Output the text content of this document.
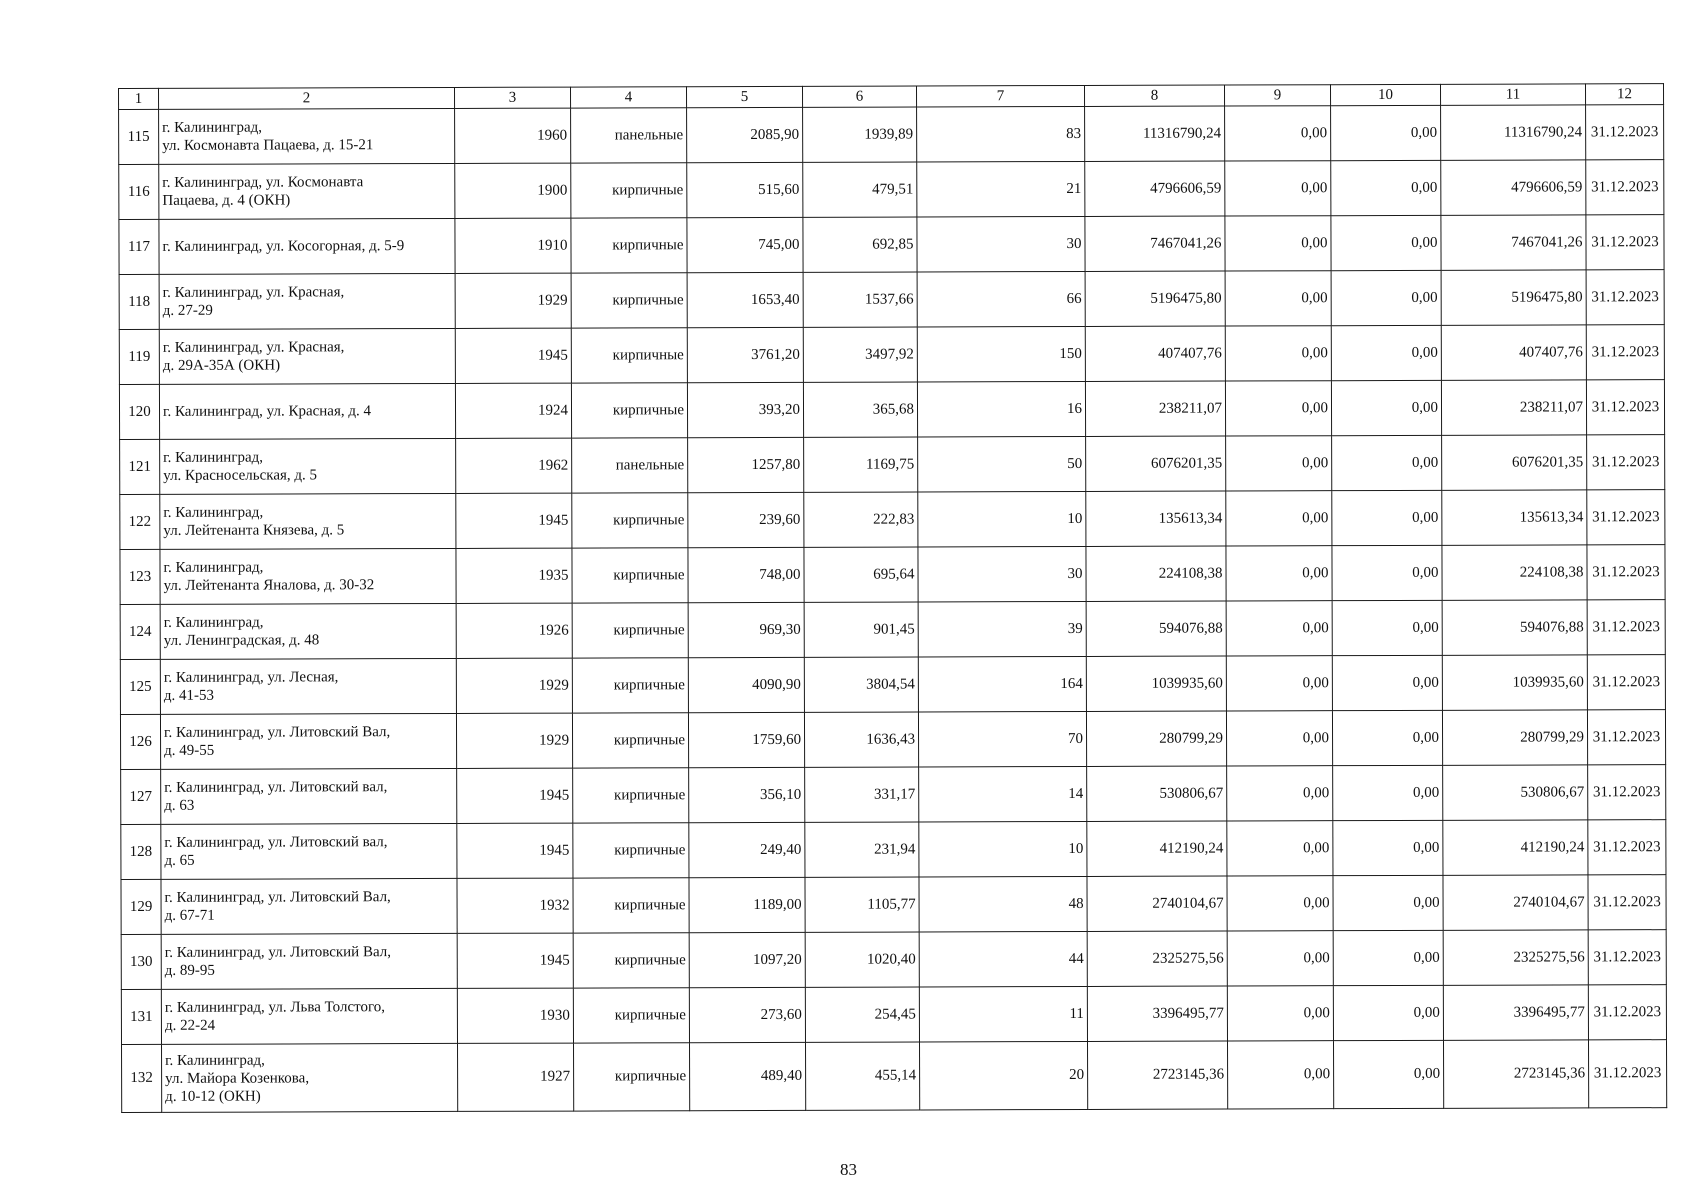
1	2	3	4	5	6	7	8	9	10	11	12
115	г. Калининград,
ул. Космонавта Пацаева, д. 15-21	1960	панельные	2085,90	1939,89	83	11316790,24	0,00	0,00	11316790,24	31.12.2023
116	г. Калининград, ул. Космонавта
Пацаева, д. 4 (ОКН)	1900	кирпичные	515,60	479,51	21	4796606,59	0,00	0,00	4796606,59	31.12.2023
117	г. Калининград, ул. Косогорная, д. 5-9	1910	кирпичные	745,00	692,85	30	7467041,26	0,00	0,00	7467041,26	31.12.2023
118	г. Калининград, ул. Красная,
д. 27-29	1929	кирпичные	1653,40	1537,66	66	5196475,80	0,00	0,00	5196475,80	31.12.2023
119	г. Калининград, ул. Красная,
д. 29А-35А (ОКН)	1945	кирпичные	3761,20	3497,92	150	407407,76	0,00	0,00	407407,76	31.12.2023
120	г. Калининград, ул. Красная, д. 4	1924	кирпичные	393,20	365,68	16	238211,07	0,00	0,00	238211,07	31.12.2023
121	г. Калининград,
ул. Красносельская, д. 5	1962	панельные	1257,80	1169,75	50	6076201,35	0,00	0,00	6076201,35	31.12.2023
122	г. Калининград,
ул. Лейтенанта Князева, д. 5	1945	кирпичные	239,60	222,83	10	135613,34	0,00	0,00	135613,34	31.12.2023
123	г. Калининград,
ул. Лейтенанта Яналова, д. 30-32	1935	кирпичные	748,00	695,64	30	224108,38	0,00	0,00	224108,38	31.12.2023
124	г. Калининград,
ул. Ленинградская, д. 48	1926	кирпичные	969,30	901,45	39	594076,88	0,00	0,00	594076,88	31.12.2023
125	г. Калининград, ул. Лесная,
д. 41-53	1929	кирпичные	4090,90	3804,54	164	1039935,60	0,00	0,00	1039935,60	31.12.2023
126	г. Калининград, ул. Литовский Вал,
д. 49-55	1929	кирпичные	1759,60	1636,43	70	280799,29	0,00	0,00	280799,29	31.12.2023
127	г. Калининград, ул. Литовский вал,
д. 63	1945	кирпичные	356,10	331,17	14	530806,67	0,00	0,00	530806,67	31.12.2023
128	г. Калининград, ул. Литовский вал,
д. 65	1945	кирпичные	249,40	231,94	10	412190,24	0,00	0,00	412190,24	31.12.2023
129	г. Калининград, ул. Литовский Вал,
д. 67-71	1932	кирпичные	1189,00	1105,77	48	2740104,67	0,00	0,00	2740104,67	31.12.2023
130	г. Калининград, ул. Литовский Вал,
д. 89-95	1945	кирпичные	1097,20	1020,40	44	2325275,56	0,00	0,00	2325275,56	31.12.2023
131	г. Калининград, ул. Льва Толстого,
д. 22-24	1930	кирпичные	273,60	254,45	11	3396495,77	0,00	0,00	3396495,77	31.12.2023
132	г. Калининград,
ул. Майора Козенкова,
д. 10-12 (ОКН)	1927	кирпичные	489,40	455,14	20	2723145,36	0,00	0,00	2723145,36	31.12.2023
83
